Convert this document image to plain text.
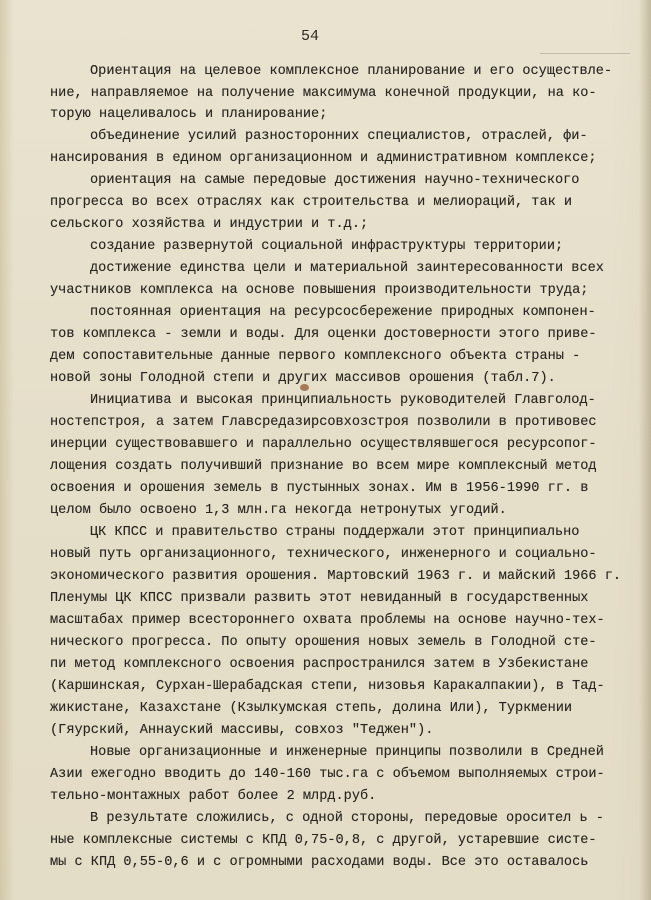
54
Ориентация на целевое комплексное планирование и его осуществле-
ние, направляемое на получение максимума конечной продукции, на ко-
торую нацеливалось и планирование;
объединение усилий разносторонних специалистов, отраслей, фи-
нансирования в едином организационном и административном комплексе;
ориентация на самые передовые достижения научно-технического
прогресса во всех отраслях как строительства и мелиораций, так и
сельского хозяйства и индустрии и т.д.;
создание развернутой социальной инфраструктуры территории;
достижение единства цели и материальной заинтересованности всех
участников комплекса на основе повышения производительности труда;
постоянная ориентация на ресурсосбережение природных компонен-
тов комплекса - земли и воды. Для оценки достоверности этого приве-
дем сопоставительные данные первого комплексного объекта страны -
новой зоны Голодной степи и других массивов орошения (табл.7).
Инициатива и высокая принципиальность руководителей Главголод-
ностепстроя, а затем Главсредазирсовхозстроя позволили в противовес
инерции существовавшего и параллельно осуществлявшегося ресурсопог-
лощения создать получивший признание во всем мире комплексный метод
освоения и орошения земель в пустынных зонах. Им в 1956-1990 гг. в
целом было освоено 1,3 млн.га некогда нетронутых угодий.
ЦК КПСС и правительство страны поддержали этот принципиально
новый путь организационного, технического, инженерного и социально-
экономического развития орошения. Мартовский 1963 г. и майский 1966 г.
Пленумы ЦК КПСС призвали развить этот невиданный в государственных
масштабах пример всестороннего охвата проблемы на основе научно-тех-
нического прогресса. По опыту орошения новых земель в Голодной сте-
пи метод комплексного освоения распространился затем в Узбекистане
(Каршинская, Сурхан-Шерабадская степи, низовья Каракалпакии), в Тад-
жикистане, Казахстане (Кзылкумская степь, долина Или), Туркмении
(Гяурский, Аннауский массивы, совхоз "Теджен").
Новые организационные и инженерные принципы позволили в Средней
Азии ежегодно вводить до 140-160 тыс.га с объемом выполняемых строи-
тельно-монтажных работ более 2 млрд.руб.
В результате сложились, с одной стороны, передовые оросител ь -
ные комплексные системы с КПД 0,75-0,8, с другой, устаревшие систе-
мы с КПД 0,55-0,6 и с огромными расходами воды. Все это оставалось
